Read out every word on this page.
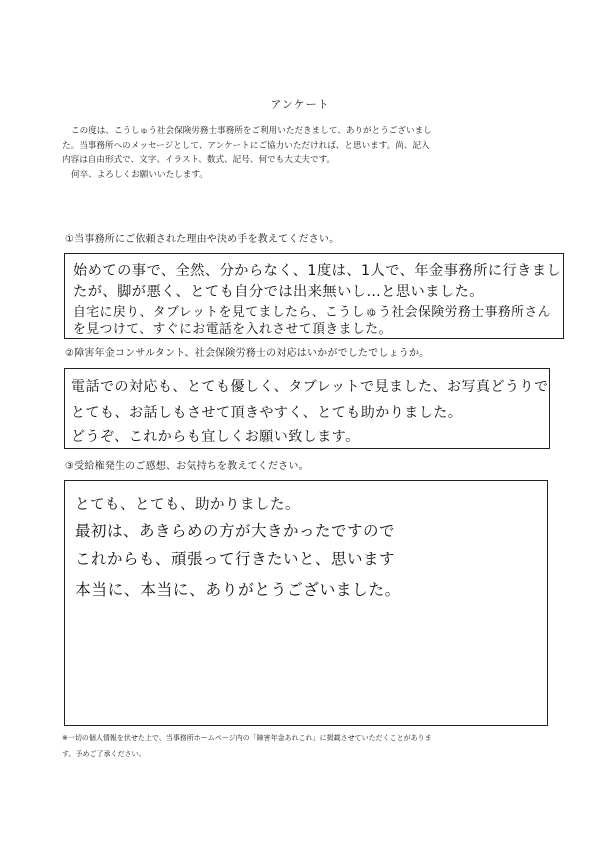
アンケート

この度は、こうしゅう社会保険労務士事務所をご利用いただきまして、ありがとうございまし

た。当事務所へのメッセージとして、アンケートにご協力いただければ、と思います。尚、記入

内容は自由形式で、文字、イラスト、数式、記号、何でも大丈夫です。

何卒、よろしくお願いいたします。

①当事務所にご依頼された理由や決め手を教えてください。
始めての事で、全然、分からなく、1度は、1人で、年金事務所に行きまし
たが、脚が悪く、とても自分では出来無いし…と思いました。
自宅に戻り、タブレットを見てましたら、こうしゅう社会保険労務士事務所さん
を見つけて、すぐにお電話を入れさせて頂きました。
②障害年金コンサルタント、社会保険労務士の対応はいかがでしたでしょうか。
電話での対応も、とても優しく、タブレットで見ました、お写真どうりで
とても、お話しもさせて頂きやすく、とても助かりました。
どうぞ、これからも宜しくお願い致します。
③受給権発生のご感想、お気持ちを教えてください。
とても、とても、助かりました。
最初は、あきらめの方が大きかったですので
これからも、頑張って行きたいと、思います
本当に、本当に、ありがとうございました。

※一切の個人情報を伏せた上で、当事務所ホームページ内の「障害年金あれこれ」に掲載させていただくことがありま

す。予めご了承ください。
